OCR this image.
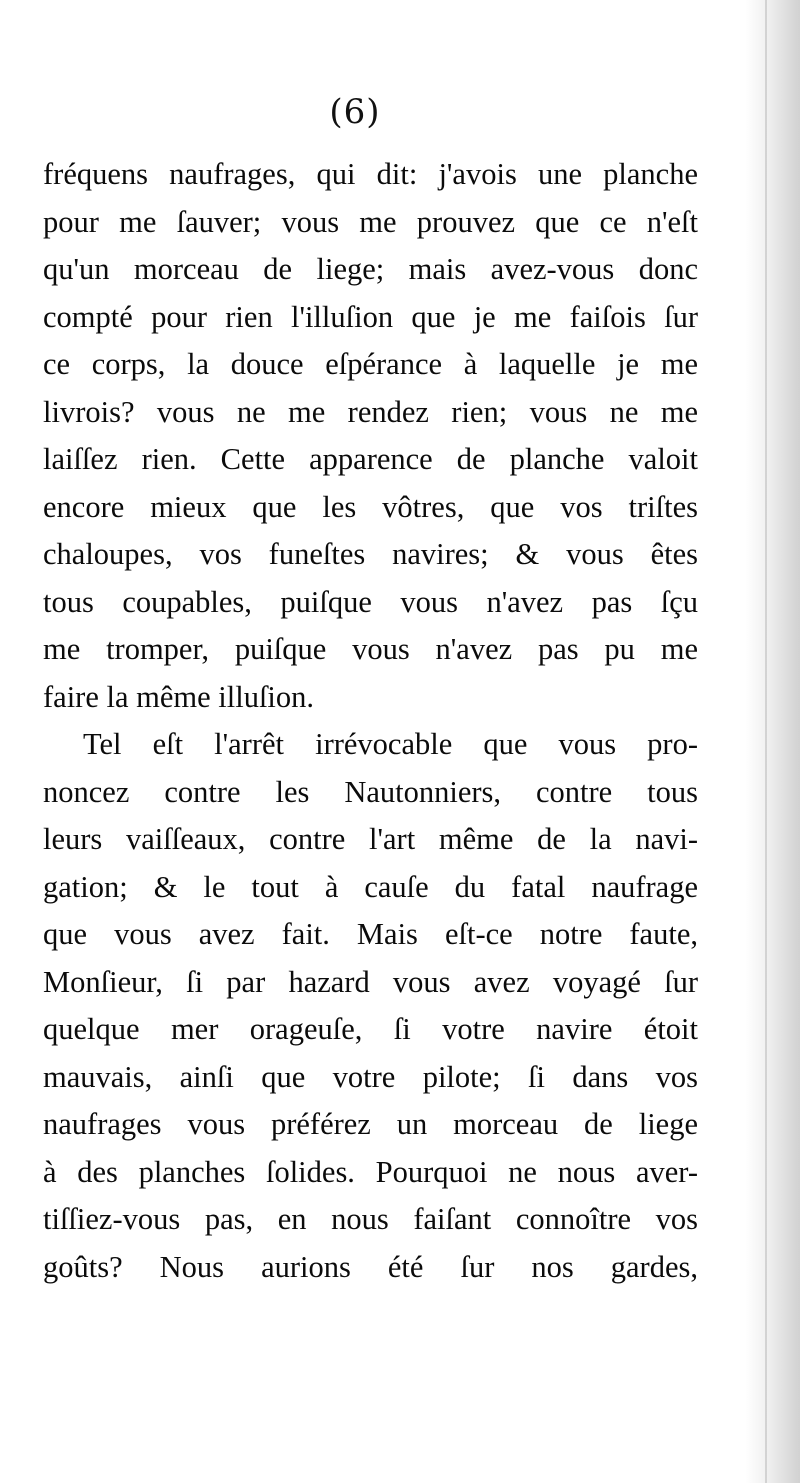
(6)
fréquens naufrages, qui dit: j'avois une planche
pour me ſauver; vous me prouvez que ce n'eſt
qu'un morceau de liege; mais avez-vous donc
compté pour rien l'illuſion que je me faiſois ſur
ce corps, la douce eſpérance à laquelle je me
livrois? vous ne me rendez rien; vous ne me
laiſſez rien. Cette apparence de planche valoit
encore mieux que les vôtres, que vos triſtes
chaloupes, vos funeſtes navires; & vous êtes
tous coupables, puiſque vous n'avez pas ſçu
me tromper, puiſque vous n'avez pas pu me
faire la même illuſion.
Tel eſt l'arrêt irrévocable que vous pro-
noncez contre les Nautonniers, contre tous
leurs vaiſſeaux, contre l'art même de la navi-
gation; & le tout à cauſe du fatal naufrage
que vous avez fait. Mais eſt-ce notre faute,
Monſieur, ſi par hazard vous avez voyagé ſur
quelque mer orageuſe, ſi votre navire étoit
mauvais, ainſi que votre pilote; ſi dans vos
naufrages vous préférez un morceau de liege
à des planches ſolides. Pourquoi ne nous aver-
tiſſiez-vous pas, en nous faiſant connoître vos
goûts? Nous aurions été ſur nos gardes,
